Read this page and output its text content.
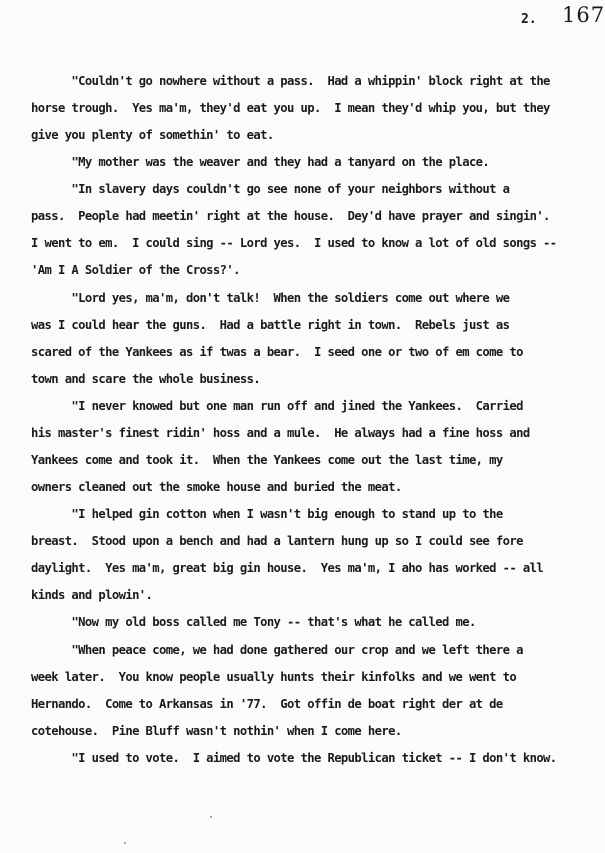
2. 167
"Couldn't go nowhere without a pass.  Had a whippin' block right at the
horse trough.  Yes ma'm, they'd eat you up.  I mean they'd whip you, but they
give you plenty of somethin' to eat.
"My mother was the weaver and they had a tanyard on the place.
"In slavery days couldn't go see none of your neighbors without a
pass.  People had meetin' right at the house.  Dey'd have prayer and singin'.
I went to em.  I could sing -- Lord yes.  I used to know a lot of old songs --
'Am I A Soldier of the Cross?'.
"Lord yes, ma'm, don't talk!  When the soldiers come out where we
was I could hear the guns.  Had a battle right in town.  Rebels just as
scared of the Yankees as if twas a bear.  I seed one or two of em come to
town and scare the whole business.
"I never knowed but one man run off and jined the Yankees.  Carried
his master's finest ridin' hoss and a mule.  He always had a fine hoss and
Yankees come and took it.  When the Yankees come out the last time, my
owners cleaned out the smoke house and buried the meat.
"I helped gin cotton when I wasn't big enough to stand up to the
breast.  Stood upon a bench and had a lantern hung up so I could see fore
daylight.  Yes ma'm, great big gin house.  Yes ma'm, I aho has worked -- all
kinds and plowin'.
"Now my old boss called me Tony -- that's what he called me.
"When peace come, we had done gathered our crop and we left there a
week later.  You know people usually hunts their kinfolks and we went to
Hernando.  Come to Arkansas in '77.  Got offin de boat right der at de
cotehouse.  Pine Bluff wasn't nothin' when I come here.
"I used to vote.  I aimed to vote the Republican ticket -- I don't know.
